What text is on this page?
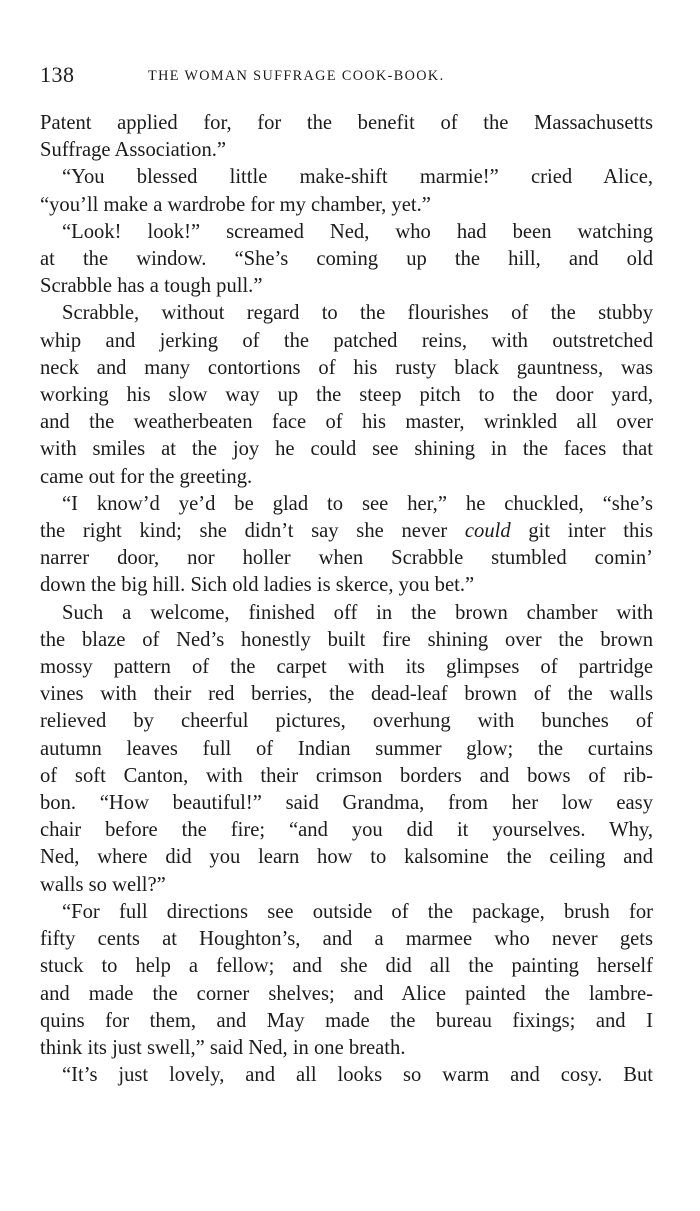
138	THE WOMAN SUFFRAGE COOK-BOOK.
Patent applied for, for the benefit of the Massachusetts
Suffrage Association.”
“You blessed little make-shift marmie!” cried Alice,
“you’ll make a wardrobe for my chamber, yet.”
“Look! look!” screamed Ned, who had been watching
at the window. “She’s coming up the hill, and old
Scrabble has a tough pull.”
Scrabble, without regard to the flourishes of the stubby
whip and jerking of the patched reins, with outstretched
neck and many contortions of his rusty black gauntness, was
working his slow way up the steep pitch to the door yard,
and the weatherbeaten face of his master, wrinkled all over
with smiles at the joy he could see shining in the faces that
came out for the greeting.
“I know’d ye’d be glad to see her,” he chuckled, “she’s
the right kind; she didn’t say she never could git inter this
narrer door, nor holler when Scrabble stumbled comin’
down the big hill. Sich old ladies is skerce, you bet.”
Such a welcome, finished off in the brown chamber with
the blaze of Ned’s honestly built fire shining over the brown
mossy pattern of the carpet with its glimpses of partridge
vines with their red berries, the dead-leaf brown of the walls
relieved by cheerful pictures, overhung with bunches of
autumn leaves full of Indian summer glow; the curtains
of soft Canton, with their crimson borders and bows of rib-
bon. “How beautiful!” said Grandma, from her low easy
chair before the fire; “and you did it yourselves. Why,
Ned, where did you learn how to kalsomine the ceiling and
walls so well?”
“For full directions see outside of the package, brush for
fifty cents at Houghton’s, and a marmee who never gets
stuck to help a fellow; and she did all the painting herself
and made the corner shelves; and Alice painted the lambre-
quins for them, and May made the bureau fixings; and I
think its just swell,” said Ned, in one breath.
“It’s just lovely, and all looks so warm and cosy. But
